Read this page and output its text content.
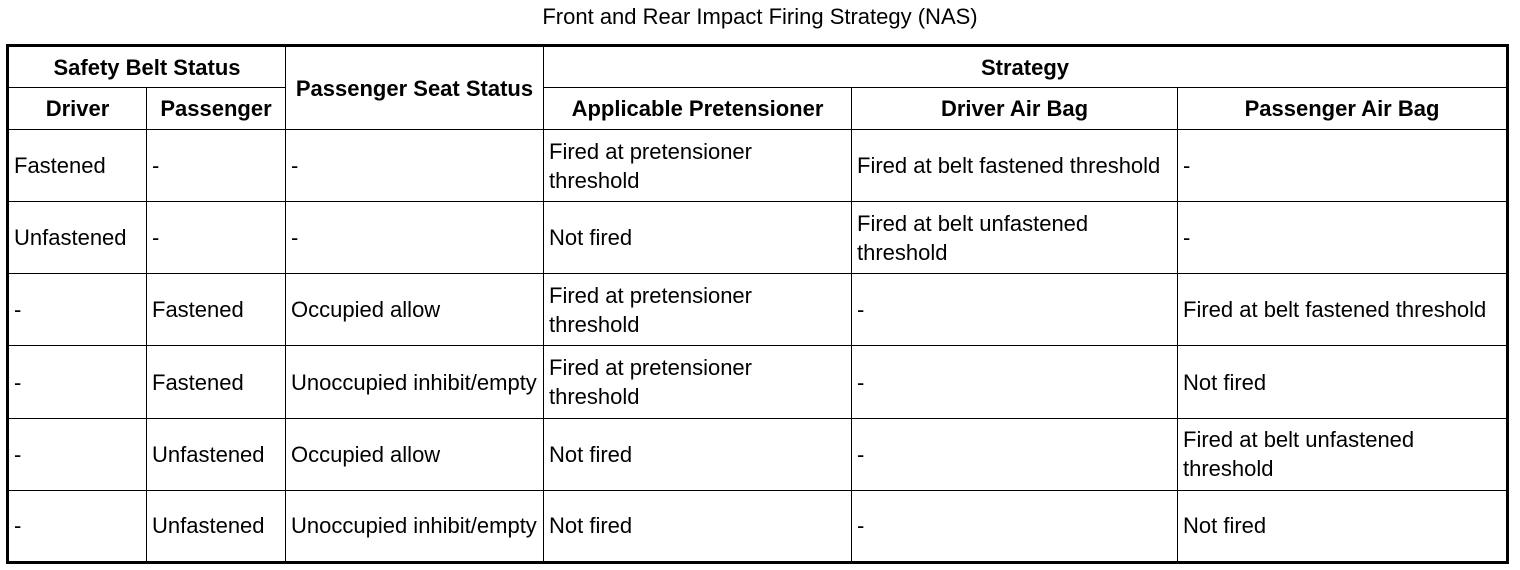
Front and Rear Impact Firing Strategy (NAS)
Safety Belt Status		Passenger Seat Status	Strategy		
Driver	Passenger		Applicable Pretensioner	Driver Air Bag	Passenger Air Bag
Fastened	-	-	Fired at pretensioner threshold	Fired at belt fastened threshold	-
Unfastened	-	-	Not fired	Fired at belt unfastened threshold	-
-	Fastened	Occupied allow	Fired at pretensioner threshold	-	Fired at belt fastened threshold
-	Fastened	Unoccupied inhibit/empty	Fired at pretensioner threshold	-	Not fired
-	Unfastened	Occupied allow	Not fired	-	Fired at belt unfastened threshold
-	Unfastened	Unoccupied inhibit/empty	Not fired	-	Not fired
